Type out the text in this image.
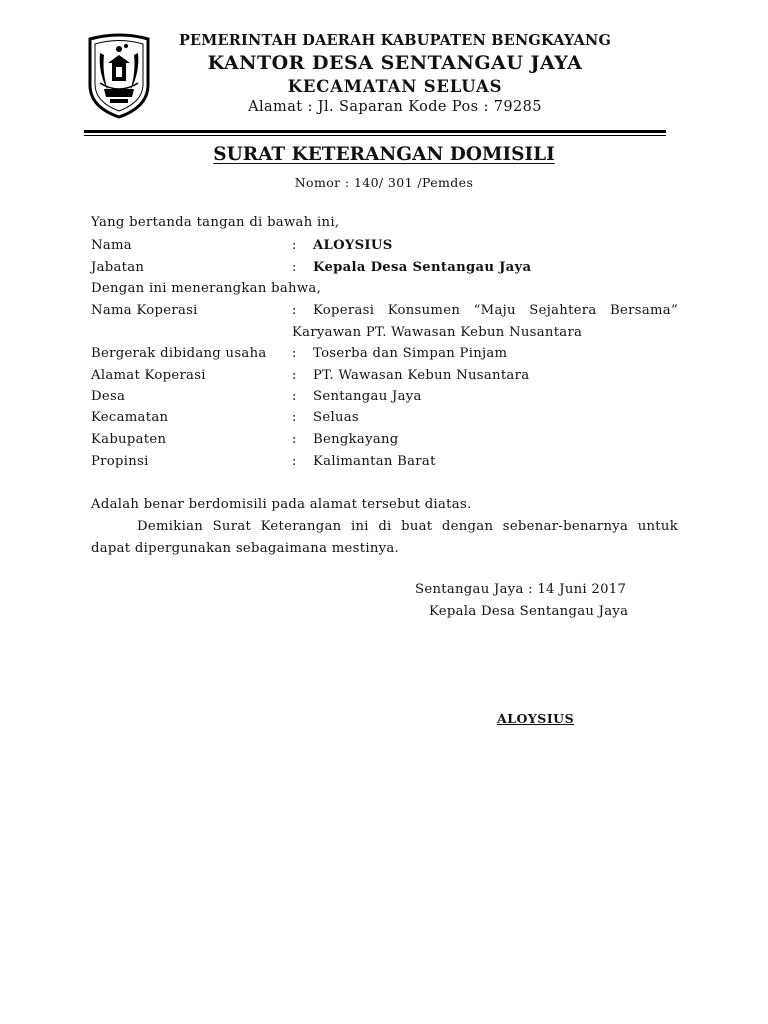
PEMERINTAH DAERAH KABUPATEN BENGKAYANG
KANTOR DESA SENTANGAU JAYA
KECAMATAN SELUAS
Alamat : Jl. Saparan Kode Pos : 79285
SURAT KETERANGAN DOMISILI
Nomor : 140/ 301 /Pemdes
Yang bertanda tangan di bawah ini,
Nama	: ALOYSIUS
Jabatan	: Kepala Desa Sentangau Jaya
Dengan ini menerangkan bahwa,
Nama Koperasi	: Koperasi Konsumen “Maju Sejahtera Bersama”
Karyawan PT. Wawasan Kebun Nusantara
Bergerak dibidang usaha : Toserba dan Simpan Pinjam
Alamat Koperasi	: PT. Wawasan Kebun Nusantara
Desa	: Sentangau Jaya
Kecamatan	: Seluas
Kabupaten	: Bengkayang
Propinsi	: Kalimantan Barat
Adalah benar berdomisili pada alamat tersebut diatas.
Demikian Surat Keterangan ini di buat dengan sebenar-benarnya untuk dapat dipergunakan sebagaimana mestinya.
Sentangau Jaya : 14 Juni 2017
Kepala Desa Sentangau Jaya
ALOYSIUS
